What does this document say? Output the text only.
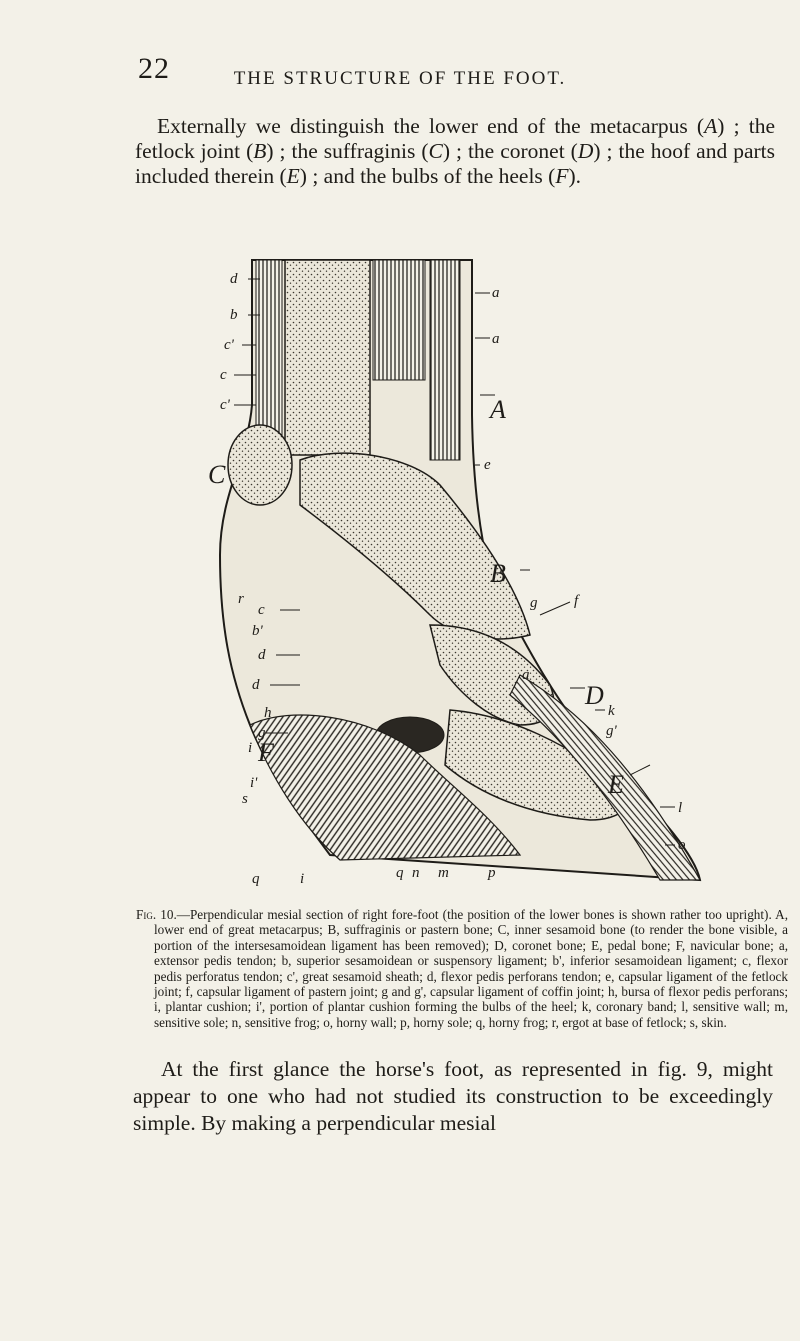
22	THE STRUCTURE OF THE FOOT.

Externally we distinguish the lower end of the metacarpus (A) ; the fetlock joint (B) ; the suffraginis (C) ; the coronet (D) ; the hoof and parts included therein (E) ; and the bulbs of the heels (F).

A
B
C
D
E
F
a
a
e
g f
a
k
g'
l
o
d
b
c'
c
c'
r
c
b'
d
d
h
g
i
i'
s
q	i	q n m	p

Fig. 10.—Perpendicular mesial section of right fore-foot (the position of the lower bones is shown rather too upright). A, lower end of great metacarpus; B, suffraginis or pastern bone; C, inner sesamoid bone (to render the bone visible, a portion of the intersesamoidean ligament has been removed); D, coronet bone; E, pedal bone; F, navicular bone; a, extensor pedis tendon; b, superior sesamoidean or suspensory ligament; b', inferior sesamoidean ligament; c, flexor pedis perforatus tendon; c', great sesamoid sheath; d, flexor pedis perforans tendon; e, capsular ligament of the fetlock joint; f, capsular ligament of pastern joint; g and g', capsular ligament of coffin joint; h, bursa of flexor pedis perforans; i, plantar cushion; i', portion of plantar cushion forming the bulbs of the heel; k, coronary band; l, sensitive wall; m, sensitive sole; n, sensitive frog; o, horny wall; p, horny sole; q, horny frog; r, ergot at base of fetlock; s, skin.

At the first glance the horse's foot, as represented in fig. 9, might appear to one who had not studied its construction to be exceedingly simple. By making a perpendicular mesial
